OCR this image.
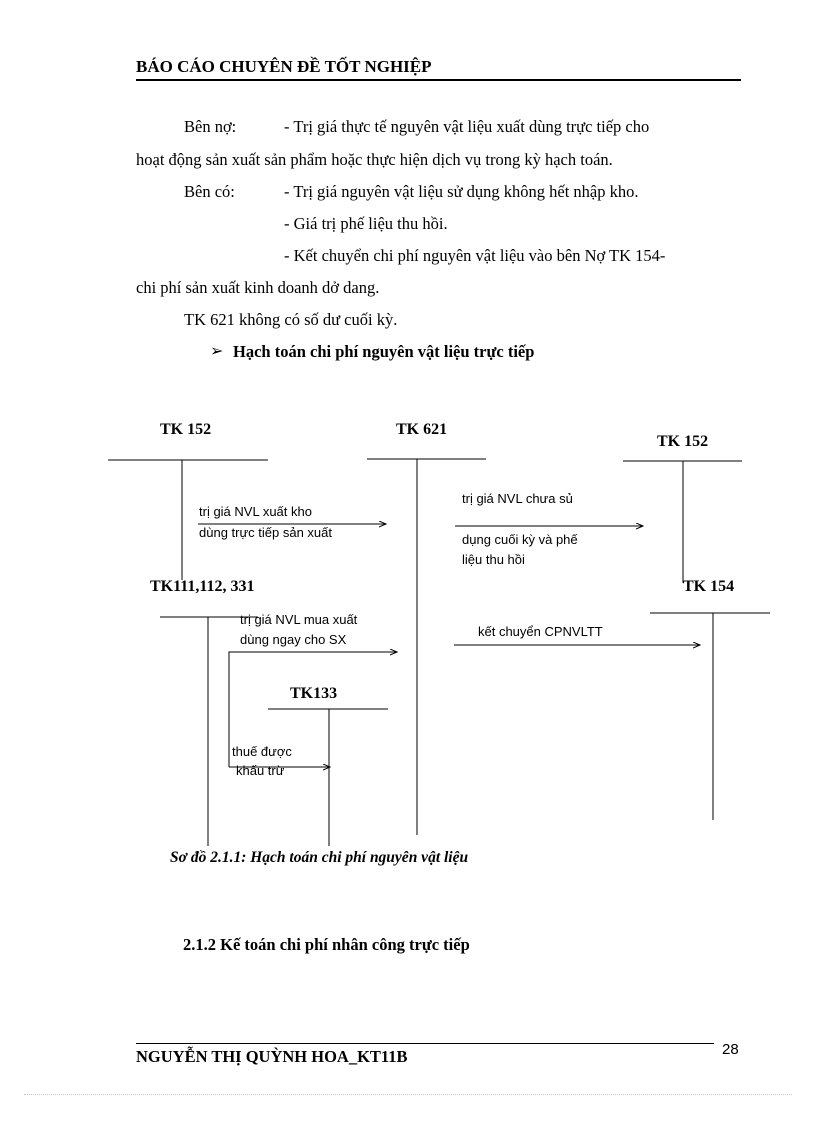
BÁO CÁO CHUYÊN ĐỀ TỐT NGHIỆP
Bên nợ:	- Trị giá thực tế nguyên vật liệu xuất dùng trực tiếp cho
hoạt động sản xuất sản phẩm hoặc thực hiện dịch vụ trong kỳ hạch toán.
Bên có:	- Trị giá nguyên vật liệu sử dụng không hết nhập kho.
- Giá trị phế liệu thu hồi.
- Kết chuyển chi phí nguyên vật liệu vào bên Nợ TK 154-
chi phí sản xuất kinh doanh dở dang.
TK 621 không có số dư cuối kỳ.
➢ Hạch toán chi phí nguyên vật liệu trực tiếp
TK 152	TK 621
TK 152
TK111,112, 331	TK 154
TK133
trị giá NVL xuất kho
dùng trực tiếp sản xuất
trị giá NVL chưa sủ
dụng cuối kỳ và phế
liệu thu hồi
trị giá NVL mua xuất
dùng ngay cho SX
kết chuyển CPNVLTT
thuế được
khấu trừ
Sơ đồ 2.1.1: Hạch toán chi phí nguyên vật liệu
2.1.2 Kế toán chi phí nhân công trực tiếp
NGUYỄN THỊ QUỲNH HOA_KT11B	28
